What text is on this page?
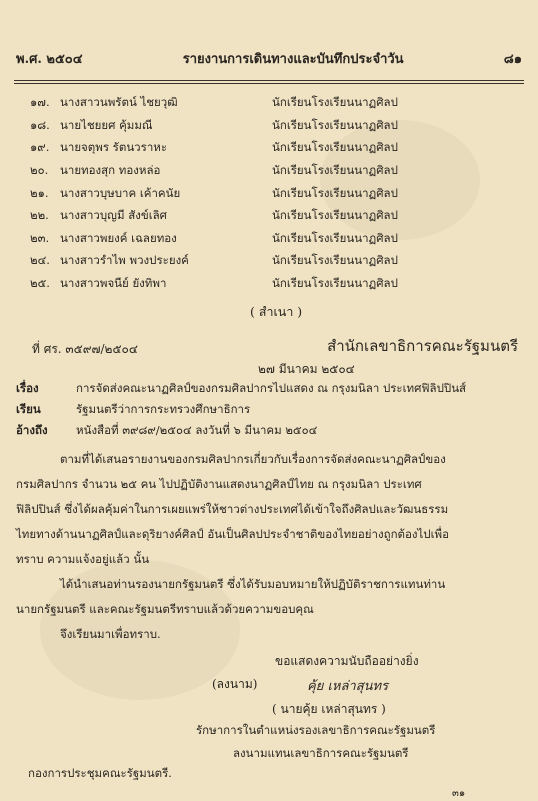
พ.ศ. ๒๕๐๔	รายงานการเดินทางและบันทึกประจำวัน	๘๑
๑๗. นางสาวนพรัตน์ ไชยวุฒิ	นักเรียนโรงเรียนนาฏศิลป
๑๘. นายไชยยศ คุ้มมณี	นักเรียนโรงเรียนนาฏศิลป
๑๙. นายจตุพร รัตนวราหะ	นักเรียนโรงเรียนนาฏศิลป
๒๐.	นายทองสุก ทองหล่อ	นักเรียนโรงเรียนนาฏศิลป
๒๑. นางสาวบุษบาค เค้าคนัย	นักเรียนโรงเรียนนาฏศิลป
๒๒. นางสาวบุญมี สังข์เลิศ	นักเรียนโรงเรียนนาฏศิลป
๒๓. นางสาวพยงค์ เฉลยทอง	นักเรียนโรงเรียนนาฏศิลป
๒๔. นางสาวรำไพ พวงประยงค์	นักเรียนโรงเรียนนาฏศิลป
๒๕. นางสาวพจนีย์ ยังทิพา	นักเรียนโรงเรียนนาฏศิลป
( สำเนา )
ที่ ศร. ๓๕๙๗/๒๕๐๔	สำนักเลขาธิการคณะรัฐมนตรี
๒๗ มีนาคม ๒๕๐๔
เรื่อง	การจัดส่งคณะนาฏศิลป์ของกรมศิลปากรไปแสดง ณ กรุงมนิลา ประเทศฟิลิปปินส์
เรียน	รัฐมนตรีว่าการกระทรวงศึกษาธิการ
อ้างถึง	หนังสือที่ ๓๙๘๙/๒๕๐๔ ลงวันที่ ๖ มีนาคม ๒๕๐๔
ตามที่ได้เสนอรายงานของกรมศิลปากรเกี่ยวกับเรื่องการจัดส่งคณะนาฏศิลป์ของ
กรมศิลปากร จำนวน ๒๕ คน ไปปฏิบัติงานแสดงนาฏศิลป์ไทย ณ กรุงมนิลา ประเทศ
ฟิลิปปินส์ ซึ่งได้ผลคุ้มค่าในการเผยแพร่ให้ชาวต่างประเทศได้เข้าใจถึงศิลปและวัฒนธรรม
ไทยทางด้านนาฏศิลป์และดุริยางค์ศิลป์ อันเป็นศิลปประจำชาติของไทยอย่างถูกต้องไปเพื่อ
ทราบ ความแจ้งอยู่แล้ว นั้น
ได้นำเสนอท่านรองนายกรัฐมนตรี ซึ่งได้รับมอบหมายให้ปฏิบัติราชการแทนท่าน
นายกรัฐมนตรี และคณะรัฐมนตรีทราบแล้วด้วยความขอบคุณ
จึงเรียนมาเพื่อทราบ.
ขอแสดงความนับถืออย่างยิ่ง
(ลงนาม)	คุ้ย เหล่าสุนทร
( นายคุ้ย เหล่าสุนทร )
รักษาการในตำแหน่งรองเลขาธิการคณะรัฐมนตรี
ลงนามแทนเลขาธิการคณะรัฐมนตรี
กองการประชุมคณะรัฐมนตรี.
๓๑
